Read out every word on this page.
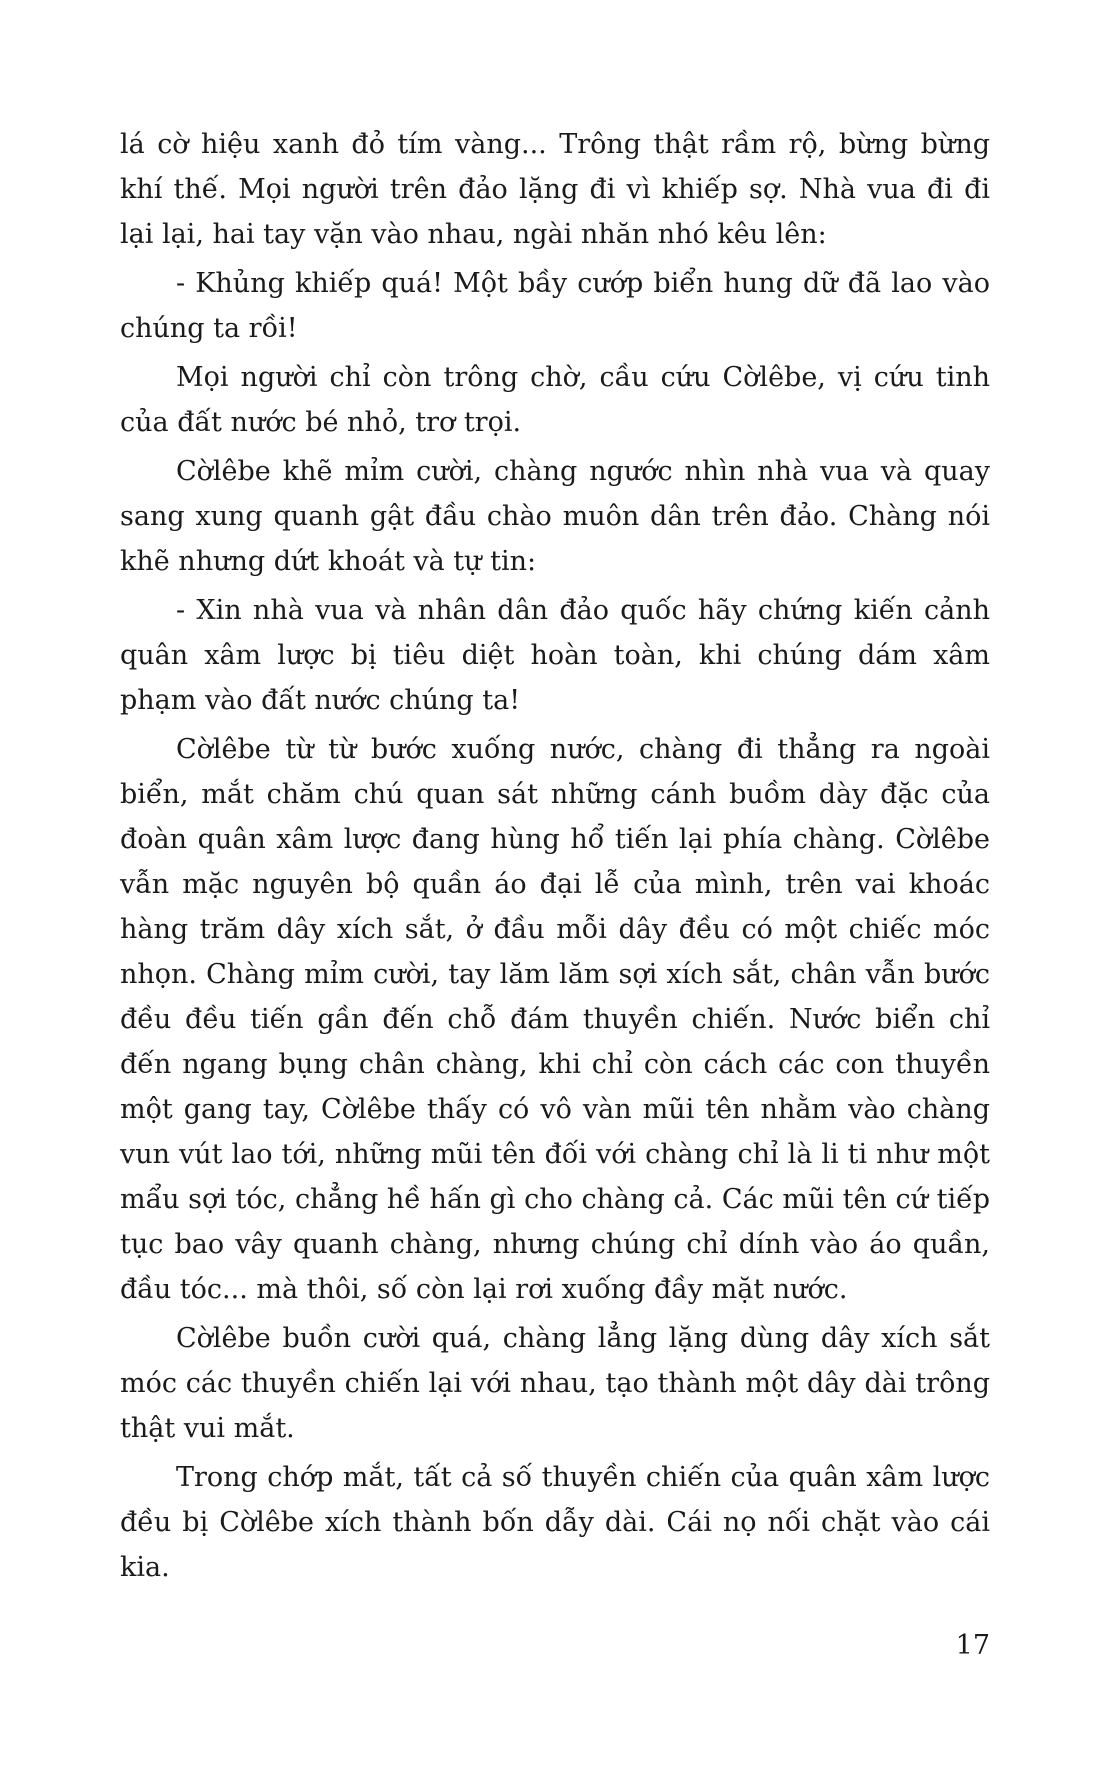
lá cờ hiệu xanh đỏ tím vàng... Trông thật rầm rộ, bừng bừng khí thế. Mọi người trên đảo lặng đi vì khiếp sợ. Nhà vua đi đi lại lại, hai tay vặn vào nhau, ngài nhăn nhó kêu lên:

- Khủng khiếp quá! Một bầy cướp biển hung dữ đã lao vào chúng ta rồi!

Mọi người chỉ còn trông chờ, cầu cứu Cờlêbe, vị cứu tinh của đất nước bé nhỏ, trơ trọi.

Cờlêbe khẽ mỉm cười, chàng ngước nhìn nhà vua và quay sang xung quanh gật đầu chào muôn dân trên đảo. Chàng nói khẽ nhưng dứt khoát và tự tin:

- Xin nhà vua và nhân dân đảo quốc hãy chứng kiến cảnh quân xâm lược bị tiêu diệt hoàn toàn, khi chúng dám xâm phạm vào đất nước chúng ta!

Cờlêbe từ từ bước xuống nước, chàng đi thẳng ra ngoài biển, mắt chăm chú quan sát những cánh buồm dày đặc của đoàn quân xâm lược đang hùng hổ tiến lại phía chàng. Cờlêbe vẫn mặc nguyên bộ quần áo đại lễ của mình, trên vai khoác hàng trăm dây xích sắt, ở đầu mỗi dây đều có một chiếc móc nhọn. Chàng mỉm cười, tay lăm lăm sợi xích sắt, chân vẫn bước đều đều tiến gần đến chỗ đám thuyền chiến. Nước biển chỉ đến ngang bụng chân chàng, khi chỉ còn cách các con thuyền một gang tay, Cờlêbe thấy có vô vàn mũi tên nhằm vào chàng vun vút lao tới, những mũi tên đối với chàng chỉ là li ti như một mẩu sợi tóc, chẳng hề hấn gì cho chàng cả. Các mũi tên cứ tiếp tục bao vây quanh chàng, nhưng chúng chỉ dính vào áo quần, đầu tóc... mà thôi, số còn lại rơi xuống đầy mặt nước.

Cờlêbe buồn cười quá, chàng lẳng lặng dùng dây xích sắt móc các thuyền chiến lại với nhau, tạo thành một dây dài trông thật vui mắt.

Trong chớp mắt, tất cả số thuyền chiến của quân xâm lược đều bị Cờlêbe xích thành bốn dẫy dài. Cái nọ nối chặt vào cái kia.

17
